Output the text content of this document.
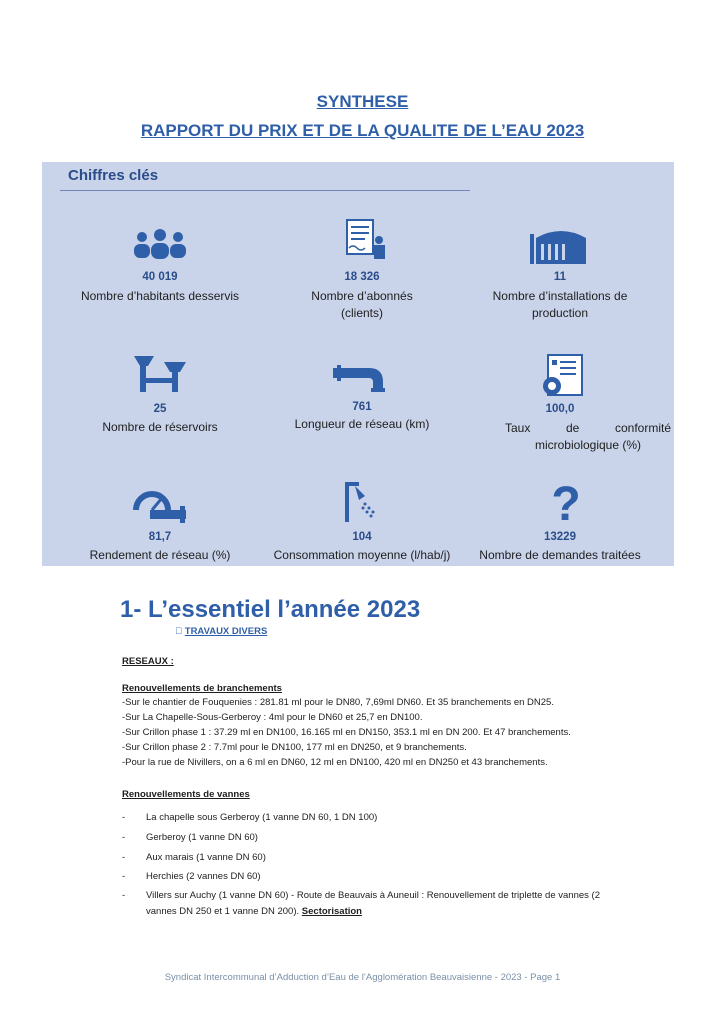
SYNTHESE
RAPPORT DU PRIX ET DE LA QUALITE DE L’EAU 2023
Chiffres clés
40 019
Nombre d’habitants desservis
18 326
Nombre d’abonnés
(clients)
11
Nombre d’installations de
production
25
Nombre de réservoirs
761
Longueur de réseau (km)
100,0
Taux de conformité
microbiologique (%)
81,7
Rendement de réseau (%)
104
Consommation moyenne (l/hab/j)
?
13229
Nombre de demandes traitées
1- L’essentiel l’année 2023
TRAVAUX DIVERS
RESEAUX :
Renouvellements de branchements
-Sur le chantier de Fouquenies : 281.81 ml pour le DN80, 7,69ml DN60. Et 35 branchements en DN25.
-Sur La Chapelle-Sous-Gerberoy : 4ml pour le DN60 et 25,7 en DN100.
-Sur Crillon phase 1 : 37.29 ml en DN100, 16.165 ml en DN150, 353.1 ml en DN 200. Et 47 branchements.
-Sur Crillon phase 2 : 7.7ml pour le DN100, 177 ml en DN250, et 9 branchements.
-Pour la rue de Nivillers, on a 6 ml en DN60, 12 ml en DN100, 420 ml en DN250 et 43 branchements.
Renouvellements de vannes
- La chapelle sous Gerberoy (1 vanne DN 60, 1 DN 100)
- Gerberoy (1 vanne DN 60)
- Aux marais (1 vanne DN 60)
- Herchies (2 vannes DN 60)
- Villers sur Auchy (1 vanne DN 60) - Route de Beauvais à Auneuil : Renouvellement de triplette de vannes (2
vannes DN 250 et 1 vanne DN 200). Sectorisation
Syndicat Intercommunal d’Adduction d’Eau de l’Agglomération Beauvaisienne - 2023 - Page 1
